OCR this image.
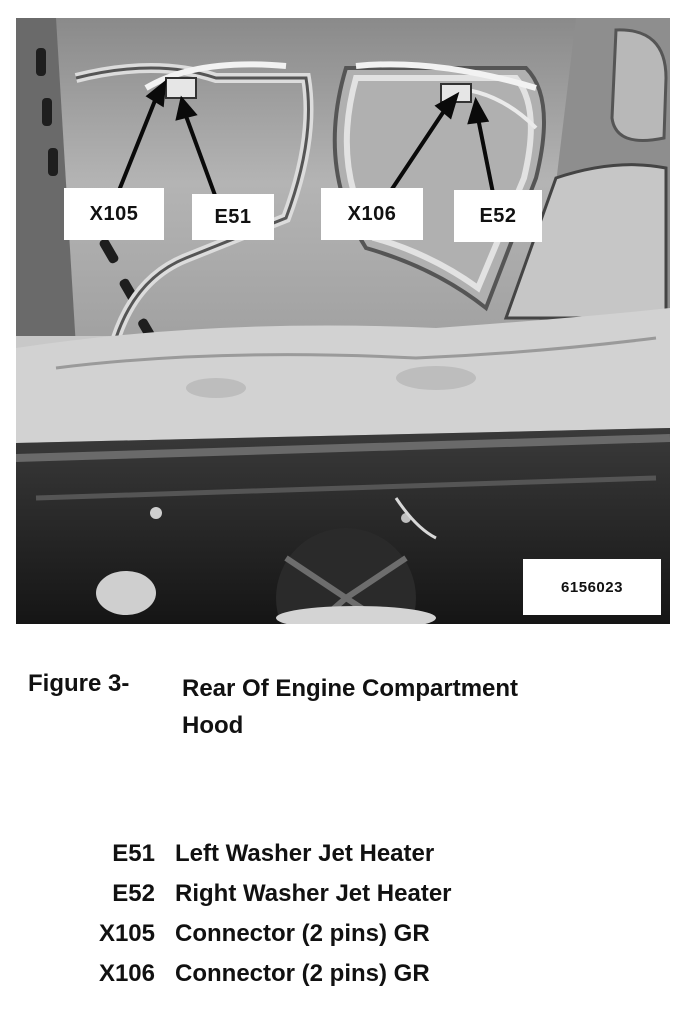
X105	E51	X106	E52
6156023
Figure 3- Rear Of Engine Compartment
Hood
E51 Left Washer Jet Heater
E52 Right Washer Jet Heater
X105 Connector (2 pins) GR
X106 Connector (2 pins) GR
